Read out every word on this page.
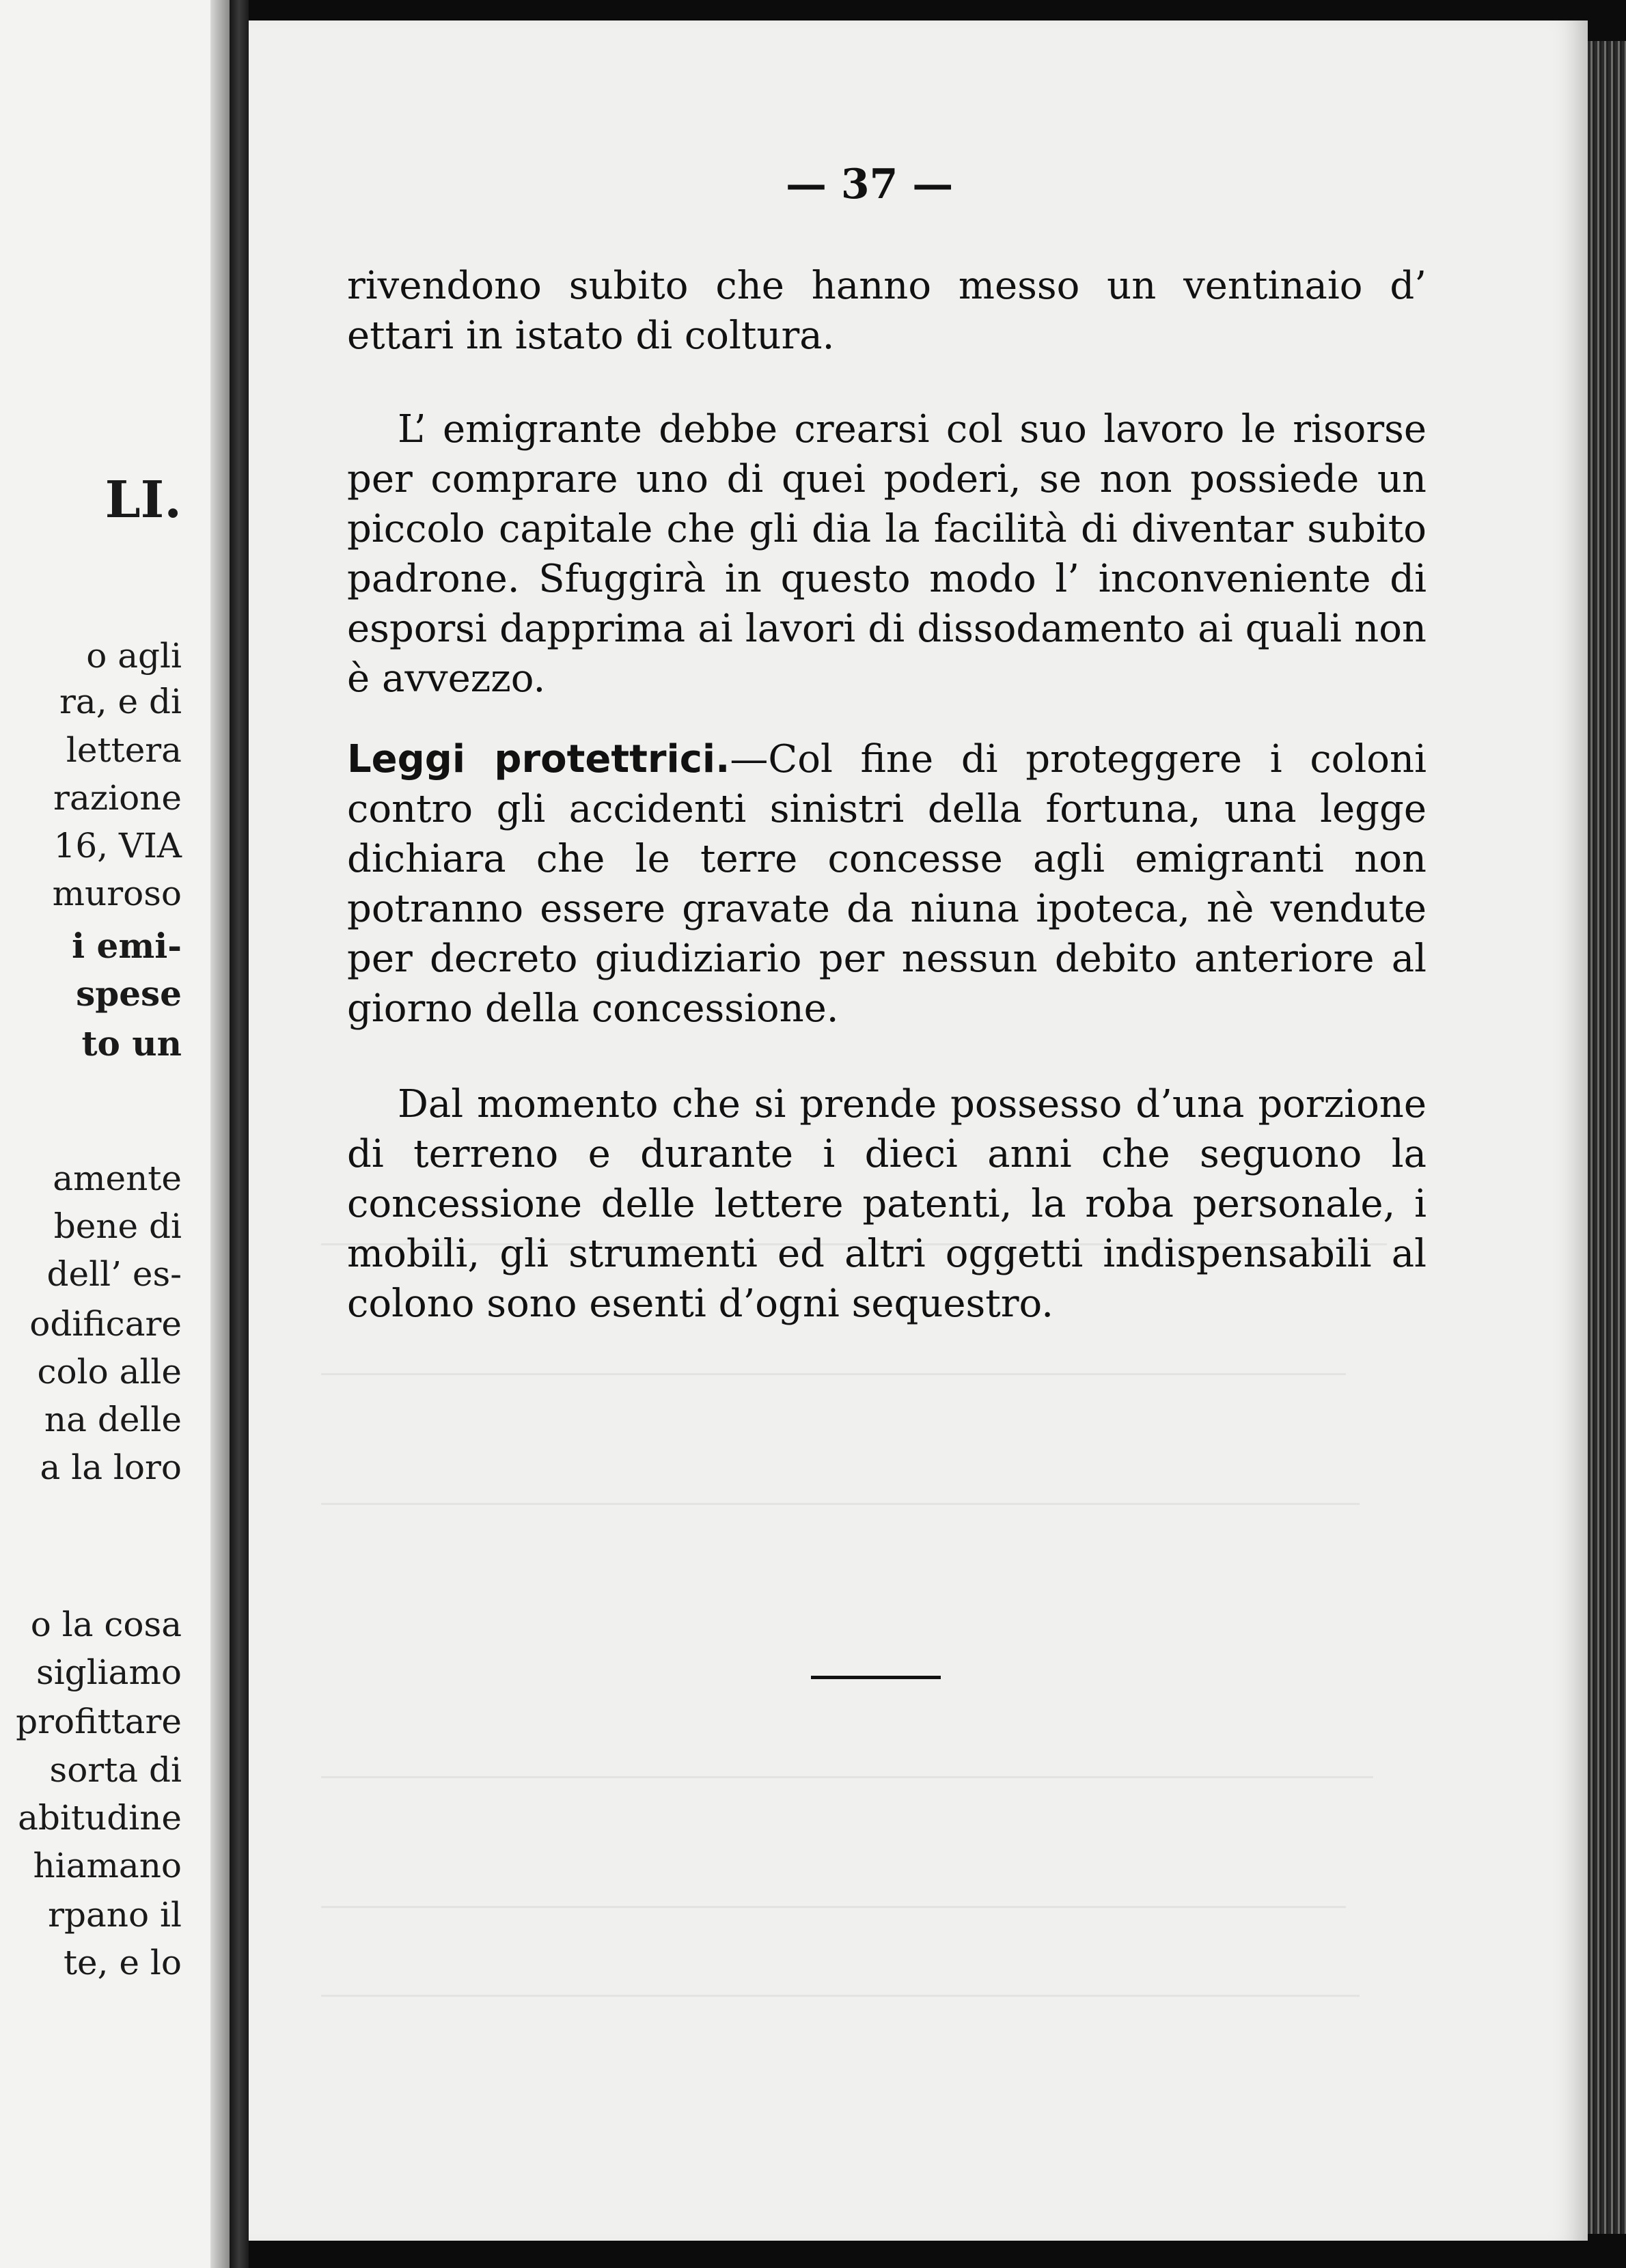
LI.
o agli
ra, e di
lettera
razione
16, VIA
muroso
i emi-
spese
to un
amente
bene di
dell’ es-
odificare
colo alle
na delle
a la loro
o la cosa
sigliamo
profittare
sorta di
abitudine
hiamano
rpano il
te, e lo
— 37 —
rivendono subito che hanno messo un ventinaio d’ ettari in istato di coltura.
L’ emigrante debbe crearsi col suo lavoro le risorse per comprare uno di quei poderi, se non possiede un piccolo capitale che gli dia la facilità di diventar subito padrone. Sfuggirà in questo modo l’ inconveniente di esporsi dapprima ai lavori di dissodamento ai quali non è avvezzo.
Leggi protettrici.—Col fine di proteggere i coloni contro gli accidenti sinistri della fortuna, una legge dichiara che le terre concesse agli emigranti non potranno essere gravate da niuna ipoteca, nè vendute per decreto giudiziario per nessun debito anteriore al giorno della concessione.
Dal momento che si prende possesso d’una porzione di terreno e durante i dieci anni che seguono la concessione delle lettere patenti, la roba personale, i mobili, gli strumenti ed altri oggetti indispensabili al colono sono esenti d’ogni sequestro.
